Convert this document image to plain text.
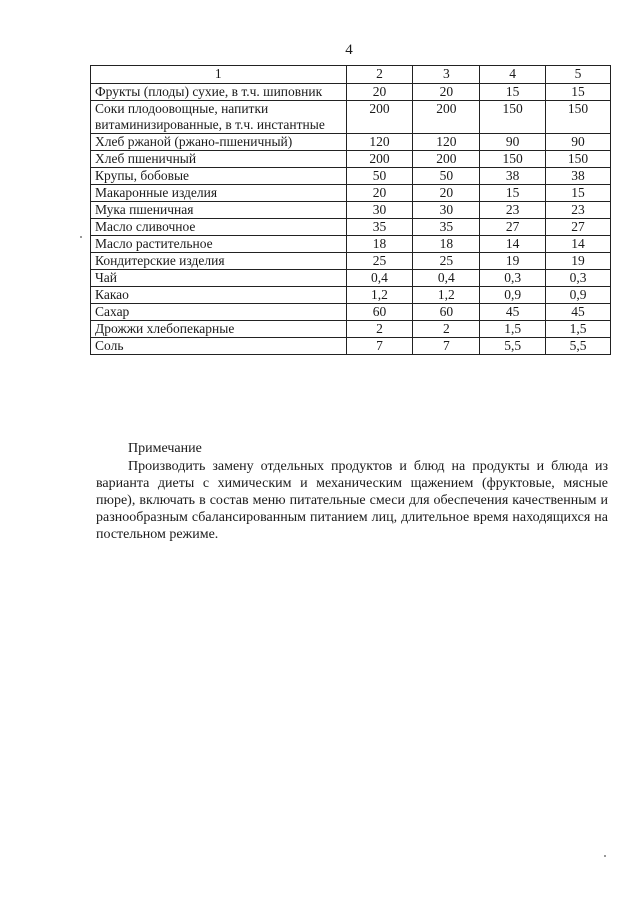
4
1	2	3	4	5
Фрукты (плоды) сухие, в т.ч. шиповник	20	20	15	15
Соки плодоовощные, напитки витаминизированные, в т.ч. инстантные	200	200	150	150
Хлеб ржаной (ржано-пшеничный)	120	120	90	90
Хлеб пшеничный	200	200	150	150
Крупы, бобовые	50	50	38	38
Макаронные изделия	20	20	15	15
Мука пшеничная	30	30	23	23
Масло сливочное	35	35	27	27
Масло растительное	18	18	14	14
Кондитерские изделия	25	25	19	19
Чай	0,4	0,4	0,3	0,3
Какао	1,2	1,2	0,9	0,9
Сахар	60	60	45	45
Дрожжи хлебопекарные	2	2	1,5	1,5
Соль	7	7	5,5	5,5
Примечание
Производить замену отдельных продуктов и блюд на продукты и блюда из варианта диеты с химическим и механическим щажением (фруктовые, мясные пюре), включать в состав меню питательные смеси для обеспечения качественным и разнообразным сбалансированным питанием лиц, длительное время находящихся на постельном режиме.
